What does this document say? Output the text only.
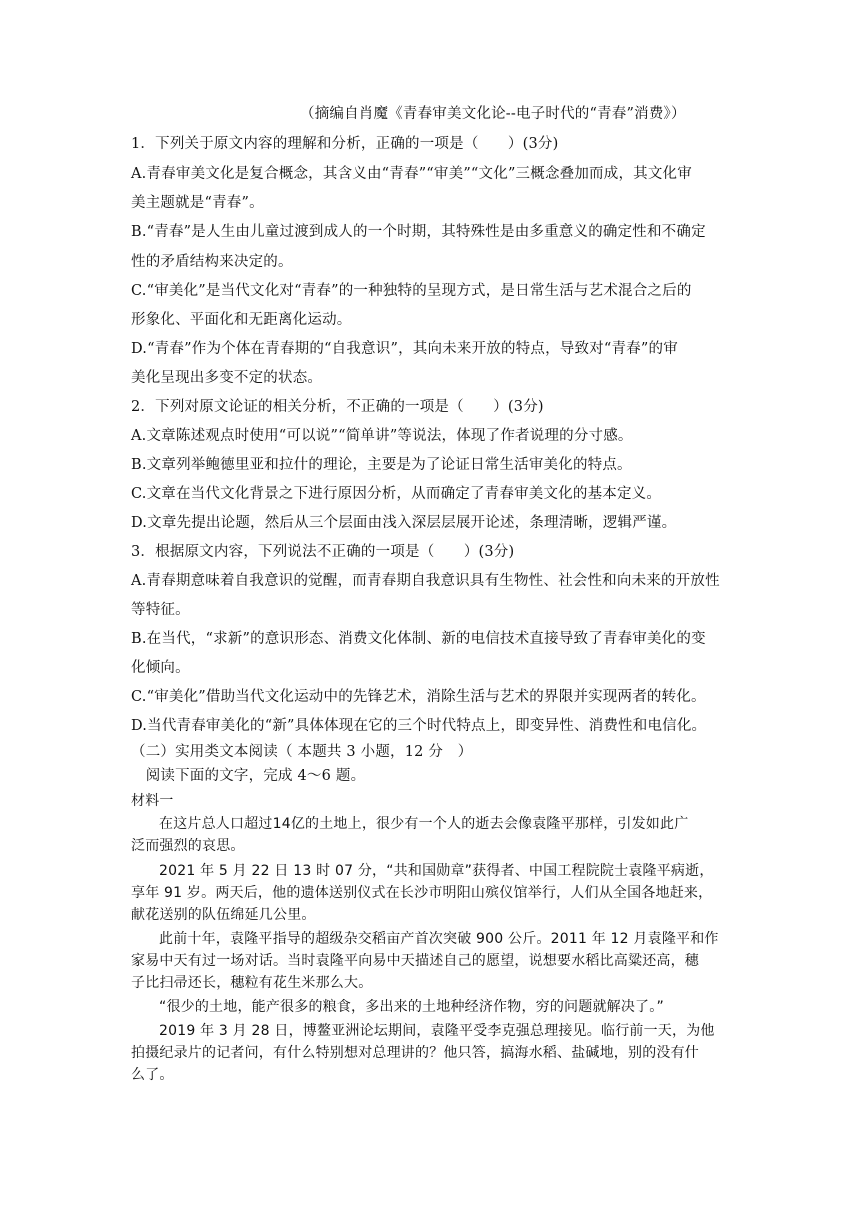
（摘编自肖魔《青春审美文化论--电子时代的“青春”消费》）
1．下列关于原文内容的理解和分析，正确的一项是（　　）(3分)
A.青春审美文化是复合概念，其含义由“青春”“审美”“文化”三概念叠加而成，其文化审
美主题就是“青春”。
B.“青春”是人生由儿童过渡到成人的一个时期，其特殊性是由多重意义的确定性和不确定
性的矛盾结构来决定的。
C.“审美化”是当代文化对“青春”的一种独特的呈现方式，是日常生活与艺术混合之后的
形象化、平面化和无距离化运动。
D.“青春”作为个体在青春期的“自我意识”，其向未来开放的特点，导致对“青春”的审
美化呈现出多变不定的状态。
2．下列对原文论证的相关分析，不正确的一项是（　　）(3分)
A.文章陈述观点时使用“可以说”“简单讲”等说法，体现了作者说理的分寸感。
B.文章列举鲍德里亚和拉什的理论，主要是为了论证日常生活审美化的特点。
C.文章在当代文化背景之下进行原因分析，从而确定了青春审美文化的基本定义。
D.文章先提出论题，然后从三个层面由浅入深层层展开论述，条理清晰，逻辑严谨。
3．根据原文内容，下列说法不正确的一项是（　　）(3分)
A.青春期意味着自我意识的觉醒，而青春期自我意识具有生物性、社会性和向未来的开放性
等特征。
B.在当代，“求新”的意识形态、消费文化体制、新的电信技术直接导致了青春审美化的变
化倾向。
C.“审美化”借助当代文化运动中的先锋艺术，消除生活与艺术的界限并实现两者的转化。
D.当代青春审美化的“新”具体体现在它的三个时代特点上，即变异性、消费性和电信化。
（二）实用类文本阅读（ 本题共 3 小题，12 分　）
　阅读下面的文字，完成 4～6 题。
材料一
在这片总人口超过14亿的土地上，很少有一个人的逝去会像袁隆平那样，引发如此广
泛而强烈的哀思。
2021 年 5 月 22 日 13 时 07 分，“共和国勋章”获得者、中国工程院院士袁隆平病逝，
享年 91 岁。两天后，他的遗体送别仪式在长沙市明阳山殡仪馆举行，人们从全国各地赶来，
献花送别的队伍绵延几公里。
此前十年，袁隆平指导的超级杂交稻亩产首次突破 900 公斤。2011 年 12 月袁隆平和作
家易中天有过一场对话。当时袁隆平向易中天描述自己的愿望，说想要水稻比高粱还高，穗
子比扫帚还长，穗粒有花生米那么大。
“很少的土地，能产很多的粮食，多出来的土地种经济作物，穷的问题就解决了。”
2019 年 3 月 28 日，博鳌亚洲论坛期间，袁隆平受李克强总理接见。临行前一天，为他
拍摄纪录片的记者问，有什么特别想对总理讲的？他只答，搞海水稻、盐碱地，别的没有什
么了。
